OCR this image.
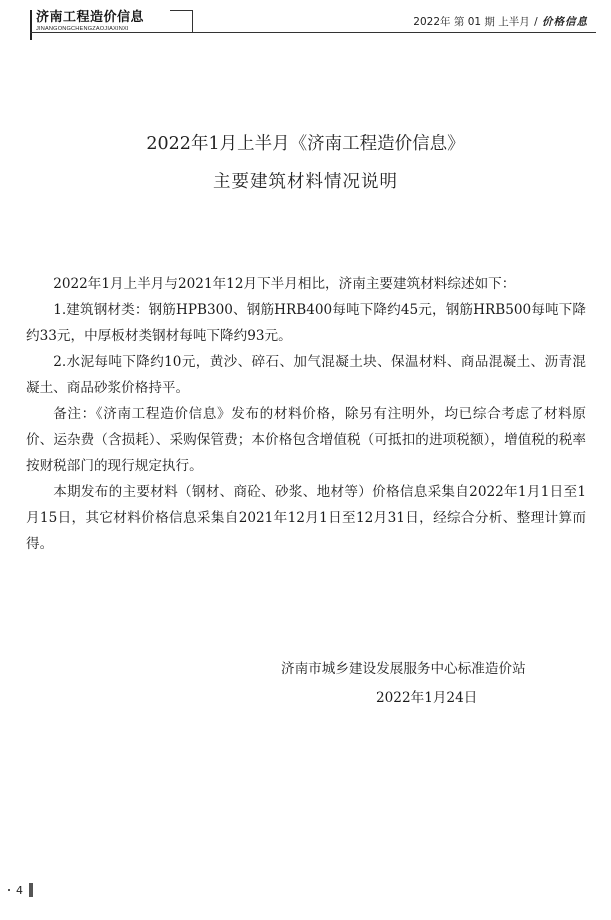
济南工程造价信息
JINANGONGCHENGZAOJIAXINXI
2022年 第 01 期 上半月 / 价格信息
2022年1月上半月《济南工程造价信息》
主要建筑材料情况说明

2022年1月上半月与2021年12月下半月相比，济南主要建筑材料综述如下：

1.建筑钢材类：钢筋HPB300、钢筋HRB400每吨下降约45元，钢筋HRB500每吨下降约33元，中厚板材类钢材每吨下降约93元。

2.水泥每吨下降约10元，黄沙、碎石、加气混凝土块、保温材料、商品混凝土、沥青混凝土、商品砂浆价格持平。

备注：《济南工程造价信息》发布的材料价格，除另有注明外，均已综合考虑了材料原价、运杂费（含损耗）、采购保管费；本价格包含增值税（可抵扣的进项税额），增值税的税率按财税部门的现行规定执行。

本期发布的主要材料（钢材、商砼、砂浆、地材等）价格信息采集自2022年1月1日至1月15日，其它材料价格信息采集自2021年12月1日至12月31日，经综合分析、整理计算而得。

济南市城乡建设发展服务中心标准造价站
2022年1月24日
4
